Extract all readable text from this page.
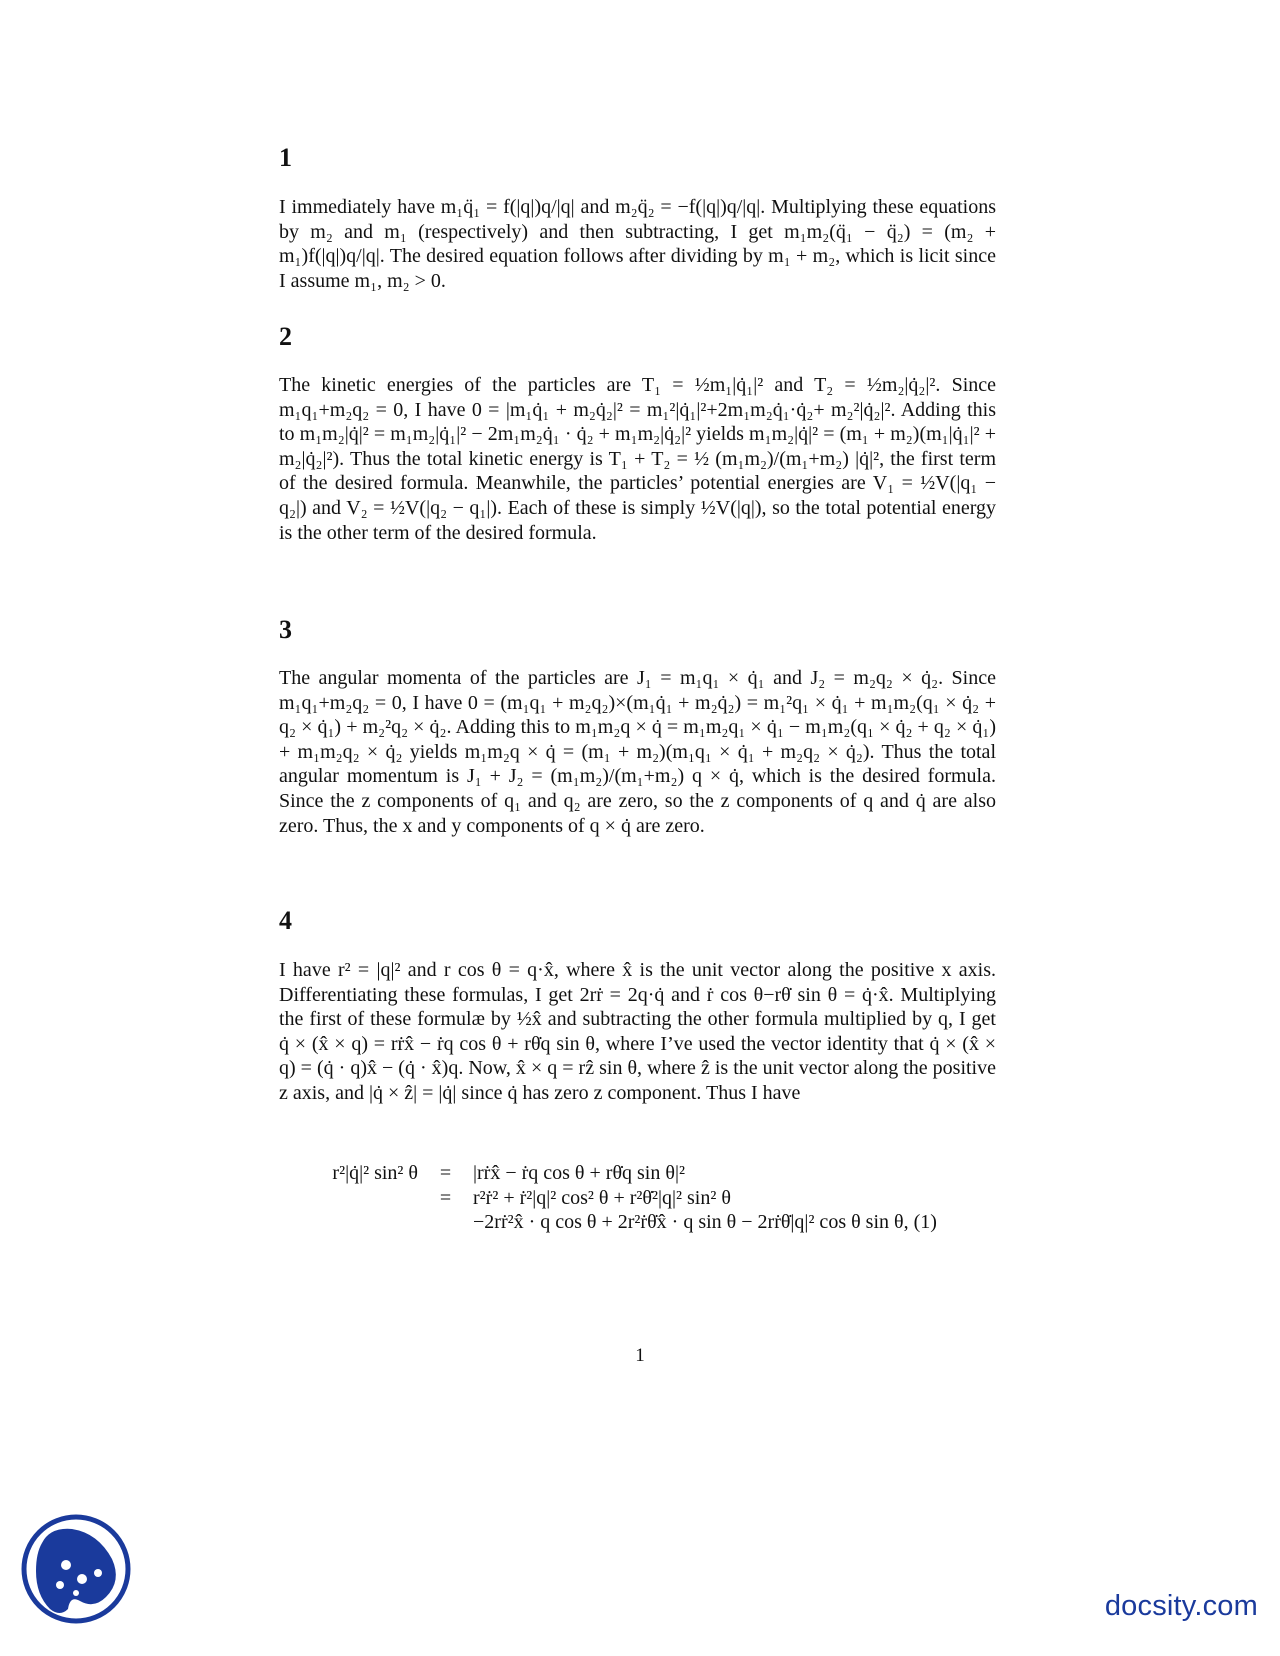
1

I immediately have m₁q̈₁ = f(|q|)q/|q| and m₂q̈₂ = −f(|q|)q/|q|. Multiplying these equations by m₂ and m₁ (respectively) and then subtracting, I get m₁m₂(q̈₁ − q̈₂) = (m₂ + m₁)f(|q|)q/|q|. The desired equation follows after dividing by m₁ + m₂, which is licit since I assume m₁, m₂ > 0.

2

The kinetic energies of the particles are T₁ = ½m₁|q̇₁|² and T₂ = ½m₂|q̇₂|². Since m₁q₁+m₂q₂ = 0, I have 0 = |m₁q̇₁ + m₂q̇₂|² = m₁²|q̇₁|²+2m₁m₂q̇₁·q̇₂+ m₂²|q̇₂|². Adding this to m₁m₂|q̇|² = m₁m₂|q̇₁|² − 2m₁m₂q̇₁ · q̇₂ + m₁m₂|q̇₂|² yields m₁m₂|q̇|² = (m₁ + m₂)(m₁|q̇₁|² + m₂|q̇₂|²). Thus the total kinetic energy is T₁ + T₂ = ½ (m₁m₂)/(m₁+m₂) |q̇|², the first term of the desired formula. Meanwhile, the particles’ potential energies are V₁ = ½V(|q₁ − q₂|) and V₂ = ½V(|q₂ − q₁|). Each of these is simply ½V(|q|), so the total potential energy is the other term of the desired formula.

3

The angular momenta of the particles are J₁ = m₁q₁ × q̇₁ and J₂ = m₂q₂ × q̇₂. Since m₁q₁+m₂q₂ = 0, I have 0 = (m₁q₁ + m₂q₂)×(m₁q̇₁ + m₂q̇₂) = m₁²q₁ × q̇₁ + m₁m₂(q₁ × q̇₂ + q₂ × q̇₁) + m₂²q₂ × q̇₂. Adding this to m₁m₂q × q̇ = m₁m₂q₁ × q̇₁ − m₁m₂(q₁ × q̇₂ + q₂ × q̇₁) + m₁m₂q₂ × q̇₂ yields m₁m₂q × q̇ = (m₁ + m₂)(m₁q₁ × q̇₁ + m₂q₂ × q̇₂). Thus the total angular momentum is J₁ + J₂ = (m₁m₂)/(m₁+m₂) q × q̇, which is the desired formula. Since the z components of q₁ and q₂ are zero, so the z components of q and q̇ are also zero. Thus, the x and y components of q × q̇ are zero.

4

I have r² = |q|² and r cos θ = q·x̂, where x̂ is the unit vector along the positive x axis. Differentiating these formulas, I get 2rṙ = 2q·q̇ and ṙ cos θ−rθ̇ sin θ = q̇·x̂. Multiplying the first of these formulæ by ½x̂ and subtracting the other formula multiplied by q, I get q̇ × (x̂ × q) = rṙx̂ − ṙq cos θ + rθ̇q sin θ, where I’ve used the vector identity that q̇ × (x̂ × q) = (q̇ · q)x̂ − (q̇ · x̂)q. Now, x̂ × q = rẑ sin θ, where ẑ is the unit vector along the positive z axis, and |q̇ × ẑ| = |q̇| since q̇ has zero z component. Thus I have

r²|q̇|² sin² θ	=	|rṙx̂ − ṙq cos θ + rθ̇q sin θ|²
=	r²ṙ² + ṙ²|q|² cos² θ + r²θ̇²|q|² sin² θ
−2rṙ²x̂ · q cos θ + 2r²ṙθ̇x̂ · q sin θ − 2rṙθ̇|q|² cos θ sin θ, (1)

1

docsity.com
